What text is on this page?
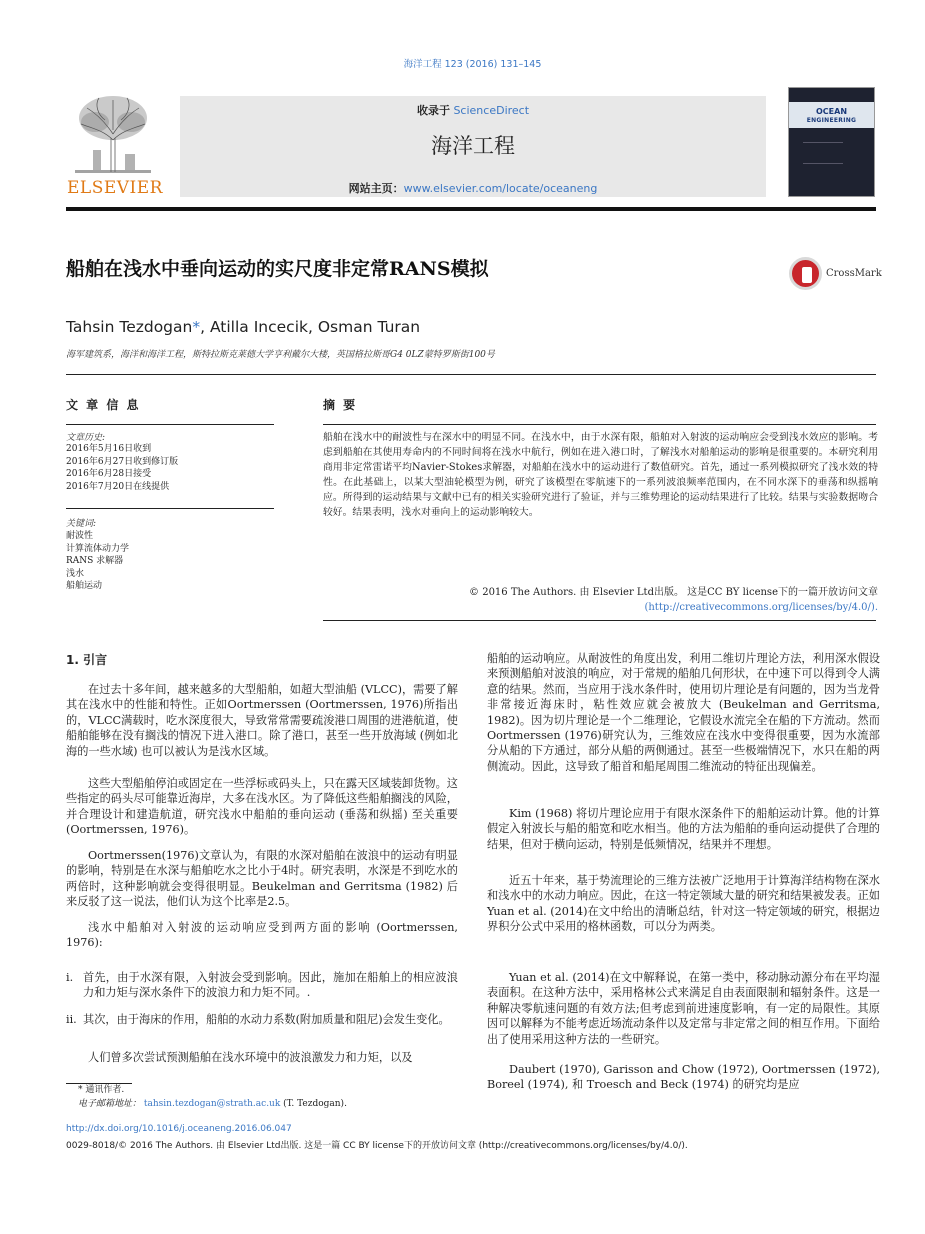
海洋工程 123 (2016) 131–145
ELSEVIER
收录于 ScienceDirect
海洋工程
网站主页：www.elsevier.com/locate/oceaneng
OCEAN
ENGINEERING
船舶在浅水中垂向运动的实尺度非定常RANS模拟	CrossMark
Tahsin Tezdogan*, Atilla Incecik, Osman Turan
海军建筑系，海洋和海洋工程，斯特拉斯克莱德大学亨利戴尔大楼，英国格拉斯哥G4 0LZ蒙特罗斯街100号
文 章 信 息
文章历史:
2016年5月16日收到
2016年6月27日收到修订版
2016年6月28日接受
2016年7月20日在线提供
关键词:
耐波性
计算流体动力学
RANS 求解器
浅水
船舶运动
摘 要
船舶在浅水中的耐波性与在深水中的明显不同。在浅水中，由于水深有限，船舶对入射波的运动响应会受到浅水效应的影响。考虑到船舶在其使用寿命内的不同时间将在浅水中航行，例如在进入港口时，了解浅水对船舶运动的影响是很重要的。本研究利用商用非定常雷诺平均Navier-Stokes求解器，对船舶在浅水中的运动进行了数值研究。首先，通过一系列模拟研究了浅水效的特性。在此基础上，以某大型油轮模型为例，研究了该模型在零航速下的一系列波浪频率范围内，在不同水深下的垂荡和纵摇响应。所得到的运动结果与文献中已有的相关实验研究进行了验证，并与三维势理论的运动结果进行了比较。结果与实验数据吻合较好。结果表明，浅水对垂向上的运动影响较大。
© 2016 The Authors. 由 Elsevier Ltd出版。 这是CC BY license下的一篇开放访问文章
(http://creativecommons.org/licenses/by/4.0/).
1. 引言
在过去十多年间，越来越多的大型船舶，如超大型油船 (VLCC)，需要了解其在浅水中的性能和特性。正如Oortmerssen (Oortmerssen, 1976)所指出的，VLCC满载时，吃水深度很大，导致常常需要疏浚港口周围的进港航道，使船舶能够在没有搁浅的情况下进入港口。除了港口，甚至一些开放海域 (例如北海的一些水域) 也可以被认为是浅水区域。
这些大型船舶停泊或固定在一些浮标或码头上，只在露天区域装卸货物。这些指定的码头尽可能靠近海岸，大多在浅水区。为了降低这些船舶搁浅的风险，并合理设计和建造航道，研究浅水中船舶的垂向运动 (垂荡和纵摇) 至关重要 (Oortmerssen, 1976)。
Oortmerssen(1976)文章认为，有限的水深对船舶在波浪中的运动有明显的影响，特别是在水深与船舶吃水之比小于4时。研究表明，水深是不到吃水的两倍时，这种影响就会变得很明显。Beukelman and Gerritsma (1982) 后来反驳了这一说法，他们认为这个比率是2.5。
浅水中船舶对入射波的运动响应受到两方面的影响 (Oortmerssen, 1976):
i. 首先，由于水深有限，入射波会受到影响。因此，施加在船舶上的相应波浪力和力矩与深水条件下的波浪力和力矩不同。.
ii. 其次，由于海床的作用，船舶的水动力系数(附加质量和阻尼)会发生变化。
人们曾多次尝试预测船舶在浅水环境中的波浪激发力和力矩，以及
船舶的运动响应。从耐波性的角度出发，利用二维切片理论方法，利用深水假设来预测船舶对波浪的响应，对于常规的船舶几何形状，在中速下可以得到令人满意的结果。然而，当应用于浅水条件时，使用切片理论是有问题的，因为当龙骨非常接近海床时，粘性效应就会被放大 (Beukelman and Gerritsma, 1982)。因为切片理论是一个二维理论，它假设水流完全在船的下方流动。然而Oortmerssen (1976)研究认为，三维效应在浅水中变得很重要，因为水流部分从船的下方通过，部分从船的两侧通过。甚至一些极端情况下，水只在船的两侧流动。因此，这导致了船首和船尾周围二维流动的特征出现偏差。
Kim (1968) 将切片理论应用于有限水深条件下的船舶运动计算。他的计算假定入射波长与船的船宽和吃水相当。他的方法为船舶的垂向运动提供了合理的结果，但对于横向运动，特别是低频情况，结果并不理想。
近五十年来，基于势流理论的三维方法被广泛地用于计算海洋结构物在深水和浅水中的水动力响应。因此，在这一特定领域大量的研究和结果被发表。正如Yuan et al. (2014)在文中给出的清晰总结，针对这一特定领域的研究，根据边界积分公式中采用的格林函数，可以分为两类。
Yuan et al. (2014)在文中解释说，在第一类中，移动脉动源分布在平均湿表面积。在这种方法中，采用格林公式来满足自由表面限制和辐射条件。这是一种解决零航速问题的有效方法;但考虑到前进速度影响，有一定的局限性。其原因可以解释为不能考虑近场流动条件以及定常与非定常之间的相互作用。下面给出了使用采用这种方法的一些研究。
Daubert (1970), Garisson and Chow (1972), Oortmerssen (1972), Boreel (1974), 和 Troesch and Beck (1974) 的研究均是应
* 通讯作者.
电子邮箱地址： tahsin.tezdogan@strath.ac.uk (T. Tezdogan).
http://dx.doi.org/10.1016/j.oceaneng.2016.06.047
0029-8018/© 2016 The Authors. 由 Elsevier Ltd出版. 这是一篇 CC BY license下的开放访问文章 (http://creativecommons.org/licenses/by/4.0/).
